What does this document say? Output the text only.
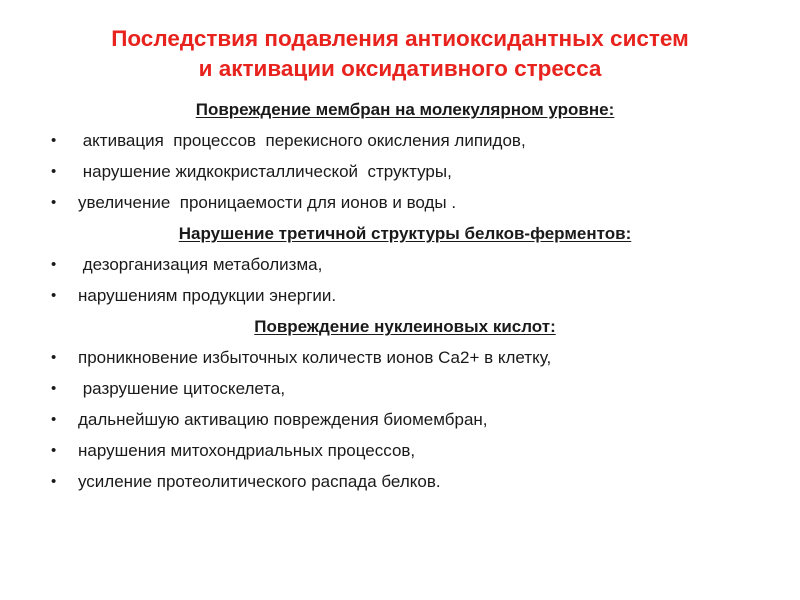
Последствия подавления антиоксидантных систем
и активации оксидативного стресса
Повреждение мембран на молекулярном уровне:
• активация  процессов  перекисного окисления липидов,
• нарушение жидкокристаллической  структуры,
• увеличение  проницаемости для ионов и воды .
Нарушение третичной структуры белков-ферментов:
• дезорганизация метаболизма,
• нарушениям продукции энергии.
Повреждение нуклеиновых кислот:
• проникновение избыточных количеств ионов Са2+ в клетку,
• разрушение цитоскелета,
• дальнейшую активацию повреждения биомембран,
• нарушения митохондриальных процессов,
• усиление протеолитического распада белков.
